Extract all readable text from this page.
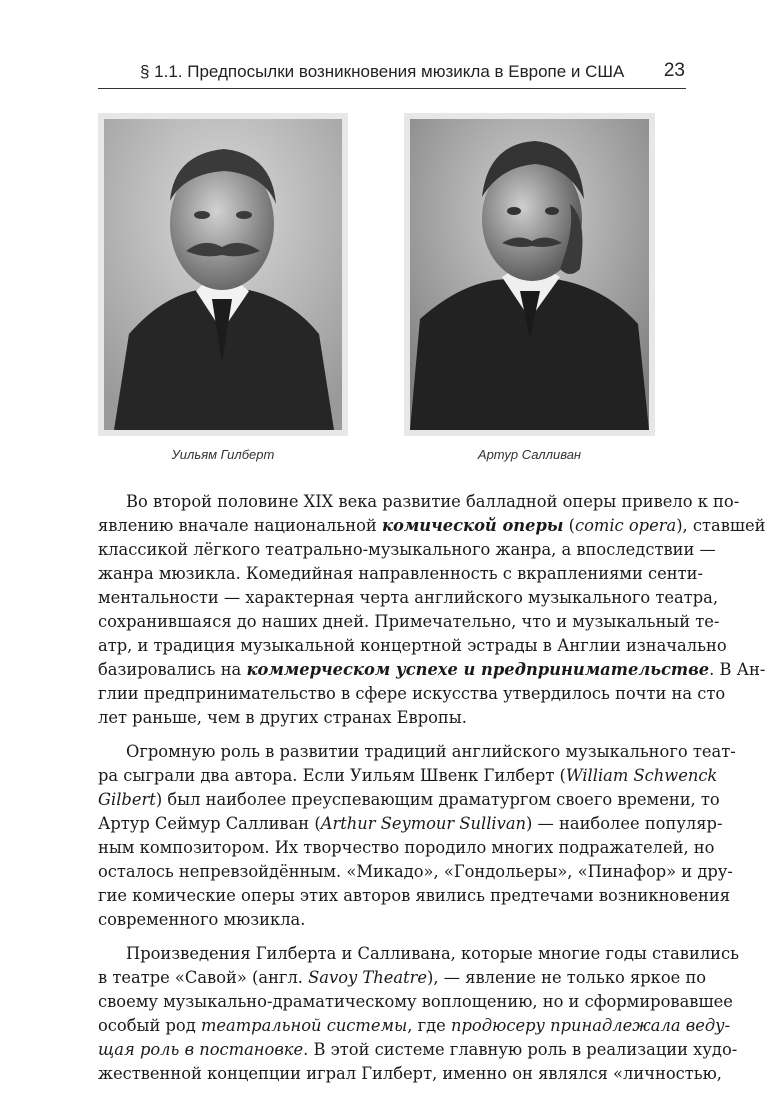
§ 1.1. Предпосылки возникновения мюзикла в Европе и США	23
Уильям Гилберт	Артур Салливан
Во второй половине XIX века развитие балладной оперы привело к по-
явлению вначале национальной комической оперы (comic opera), ставшей
классикой лёгкого театрально-музыкального жанра, а впоследствии —
жанра мюзикла. Комедийная направленность с вкраплениями сенти-
ментальности — характерная черта английского музыкального театра,
сохранившаяся до наших дней. Примечательно, что и музыкальный те-
атр, и традиция музыкальной концертной эстрады в Англии изначально
базировались на коммерческом успехе и предпринимательстве. В Ан-
глии предпринимательство в сфере искусства утвердилось почти на сто
лет раньше, чем в других странах Европы.
Огромную роль в развитии традиций английского музыкального теат-
ра сыграли два автора. Если Уильям Швенк Гилберт (William Schwenck
Gilbert) был наиболее преуспевающим драматургом своего времени, то
Артур Сеймур Салливан (Arthur Seymour Sullivan) — наиболее популяр-
ным композитором. Их творчество породило многих подражателей, но
осталось непревзойдённым. «Микадо», «Гондольеры», «Пинафор» и дру-
гие комические оперы этих авторов явились предтечами возникновения
современного мюзикла.
Произведения Гилберта и Салливана, которые многие годы ставились
в театре «Савой» (англ. Savoy Theatre), — явление не только яркое по
своему музыкально-драматическому воплощению, но и сформировавшее
особый род театральной системы, где продюсеру принадлежала веду-
щая роль в постановке. В этой системе главную роль в реализации худо-
жественной концепции играл Гилберт, именно он являлся «личностью,
